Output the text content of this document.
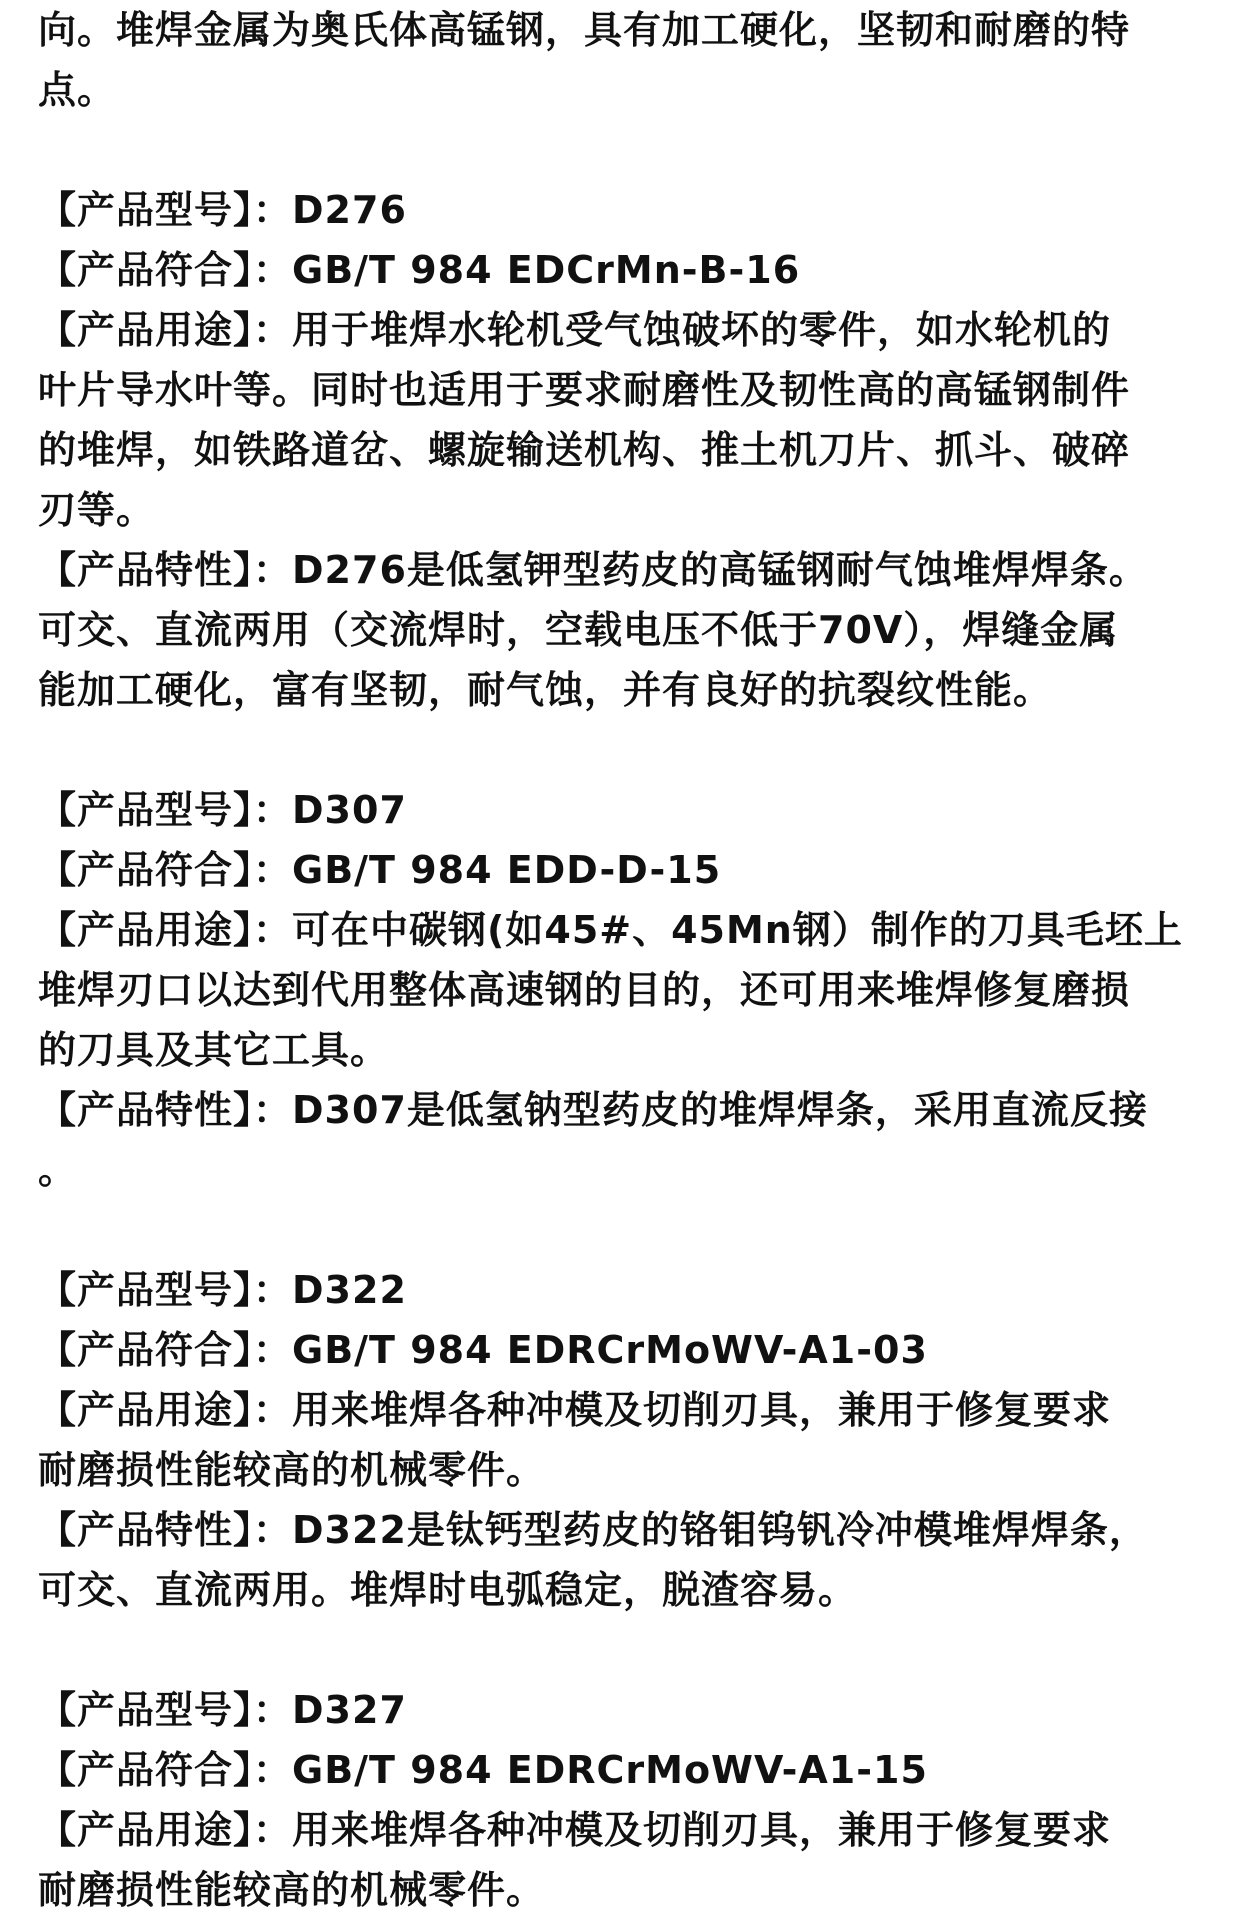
向。堆焊金属为奥氏体高锰钢，具有加工硬化，坚韧和耐磨的特
点。
【产品型号】：D276
【产品符合】：GB/T 984 EDCrMn-B-16
【产品用途】：用于堆焊水轮机受气蚀破坏的零件，如水轮机的
叶片导水叶等。同时也适用于要求耐磨性及韧性高的高锰钢制件
的堆焊，如铁路道岔、螺旋输送机构、推土机刀片、抓斗、破碎
刃等。
【产品特性】：D276是低氢钾型药皮的高锰钢耐气蚀堆焊焊条。
可交、直流两用（交流焊时，空载电压不低于70V），焊缝金属
能加工硬化，富有坚韧，耐气蚀，并有良好的抗裂纹性能。
【产品型号】：D307
【产品符合】：GB/T 984 EDD-D-15
【产品用途】：可在中碳钢(如45#、45Mn钢）制作的刀具毛坯上
堆焊刃口以达到代用整体高速钢的目的，还可用来堆焊修复磨损
的刀具及其它工具。
【产品特性】：D307是低氢钠型药皮的堆焊焊条，采用直流反接
。
【产品型号】：D322
【产品符合】：GB/T 984 EDRCrMoWV-A1-03
【产品用途】：用来堆焊各种冲模及切削刃具，兼用于修复要求
耐磨损性能较高的机械零件。
【产品特性】：D322是钛钙型药皮的铬钼钨钒冷冲模堆焊焊条，
可交、直流两用。堆焊时电弧稳定，脱渣容易。
【产品型号】：D327
【产品符合】：GB/T 984 EDRCrMoWV-A1-15
【产品用途】：用来堆焊各种冲模及切削刃具，兼用于修复要求
耐磨损性能较高的机械零件。
